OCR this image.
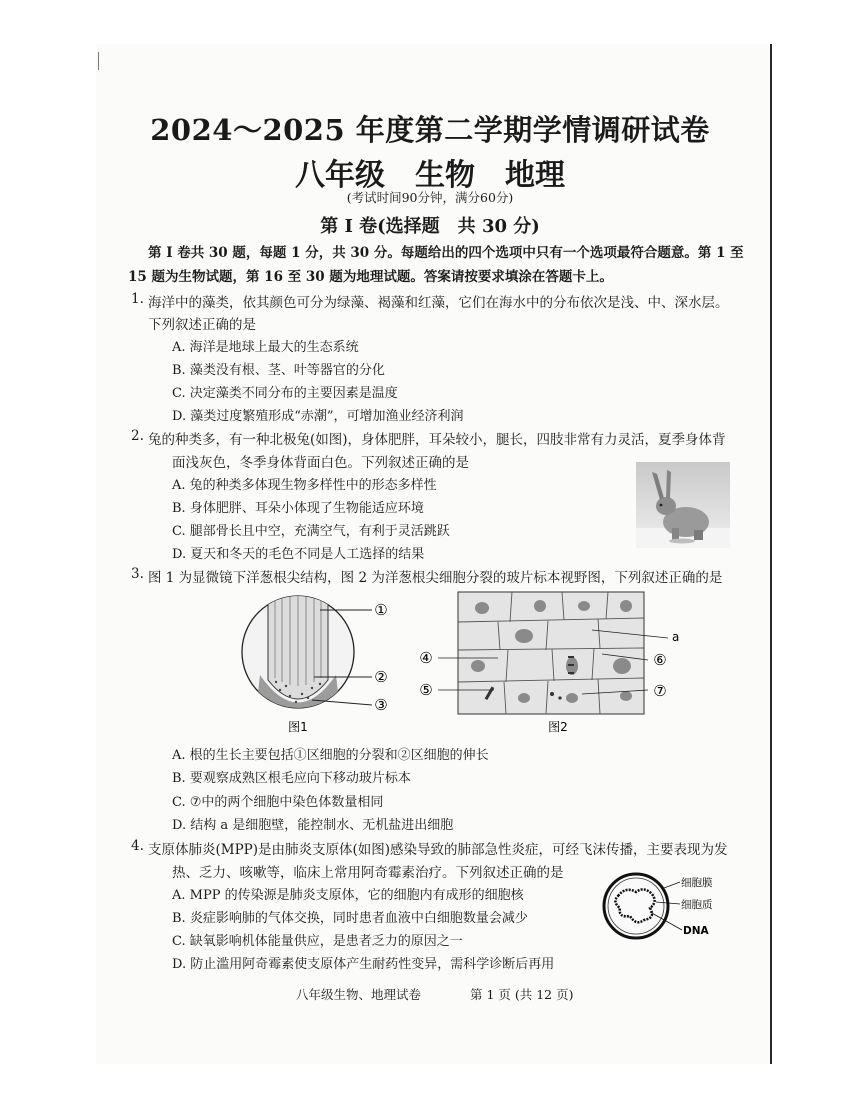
2024～2025 年度第二学期学情调研试卷
八年级　生物　地理
(考试时间90分钟，满分60分)
第 I 卷(选择题　共 30 分)
第 I 卷共 30 题，每题 1 分，共 30 分。每题给出的四个选项中只有一个选项最符合题意。第 1 至
15 题为生物试题，第 16 至 30 题为地理试题。答案请按要求填涂在答题卡上。
1. 海洋中的藻类，依其颜色可分为绿藻、褐藻和红藻，它们在海水中的分布依次是浅、中、深水层。
下列叙述正确的是
A. 海洋是地球上最大的生态系统
B. 藻类没有根、茎、叶等器官的分化
C. 决定藻类不同分布的主要因素是温度
D. 藻类过度繁殖形成“赤潮”，可增加渔业经济利润
2. 兔的种类多，有一种北极兔(如图)，身体肥胖，耳朵较小，腿长，四肢非常有力灵活，夏季身体背
面浅灰色，冬季身体背面白色。下列叙述正确的是
A. 兔的种类多体现生物多样性中的形态多样性
B. 身体肥胖、耳朵小体现了生物能适应环境
C. 腿部骨长且中空，充满空气，有利于灵活跳跃
D. 夏天和冬天的毛色不同是人工选择的结果
3. 图 1 为显微镜下洋葱根尖结构，图 2 为洋葱根尖细胞分裂的玻片标本视野图，下列叙述正确的是
A. 根的生长主要包括①区细胞的分裂和②区细胞的伸长
B. 要观察成熟区根毛应向下移动玻片标本
C. ⑦中的两个细胞中染色体数量相同
D. 结构 a 是细胞壁，能控制水、无机盐进出细胞
①
②
③
图1
a
④
⑤
⑥
⑦
图2
4. 支原体肺炎(MPP)是由肺炎支原体(如图)感染导致的肺部急性炎症，可经飞沫传播，主要表现为发
热、乏力、咳嗽等，临床上常用阿奇霉素治疗。下列叙述正确的是
A. MPP 的传染源是肺炎支原体，它的细胞内有成形的细胞核
B. 炎症影响肺的气体交换，同时患者血液中白细胞数量会减少
C. 缺氧影响机体能量供应，是患者乏力的原因之一
D. 防止滥用阿奇霉素使支原体产生耐药性变异，需科学诊断后再用
细胞膜
细胞质
DNA
八年级生物、地理试卷	第 1 页 (共 12 页)
